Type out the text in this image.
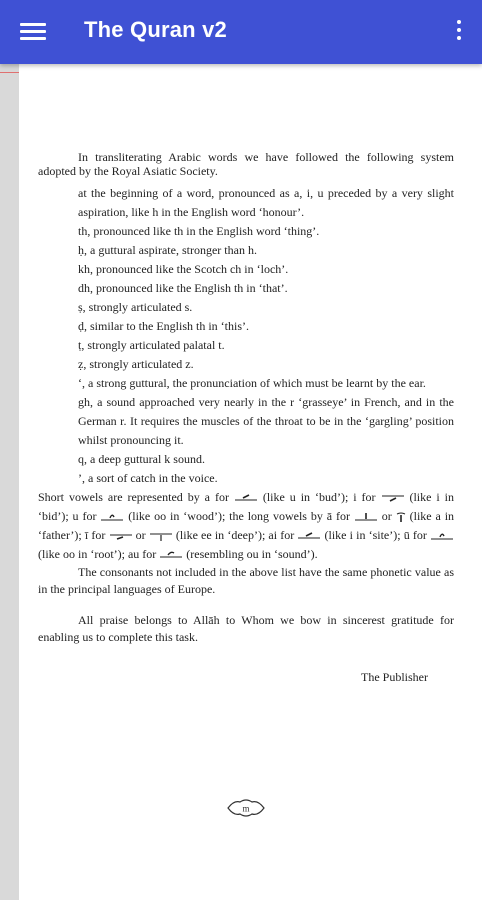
The Quran v2

In transliterating Arabic words we have followed the following system adopted by the Royal Asiatic Society.

at the beginning of a word, pronounced as a, i, u preceded by a very slight aspiration, like h in the English word ‘honour’.

th, pronounced like th in the English word ‘thing’.

ḥ, a guttural aspirate, stronger than h.

kh, pronounced like the Scotch ch in ‘loch’.

dh, pronounced like the English th in ‘that’.

ṣ, strongly articulated s.

ḍ, similar to the English th in ‘this’.

ṭ, strongly articulated palatal t.

ẓ, strongly articulated z.

‘, a strong guttural, the pronunciation of which must be learnt by the ear.

gh, a sound approached very nearly in the r ‘grasseye’ in French, and in the German r. It requires the muscles of the throat to be in the ‘gargling’ position whilst pronouncing it.

q, a deep guttural k sound.

’, a sort of catch in the voice.

Short vowels are represented by a for	(like u in ‘bud’); i for	(like i in ‘bid’); u for	(like oo in ‘wood’); the long vowels by ā for	or (like a in ‘father’); ī for	or	(like ee in ‘deep’); ai for	(like i in ‘site’); ū for  (like oo in ‘root’); au for	(resembling ou in ‘sound’).

The consonants not included in the above list have the same phonetic value as in the principal languages of Europe.

All praise belongs to Allāh to Whom we bow in sincerest gratitude for enabling us to complete this task.

The Publisher

m
